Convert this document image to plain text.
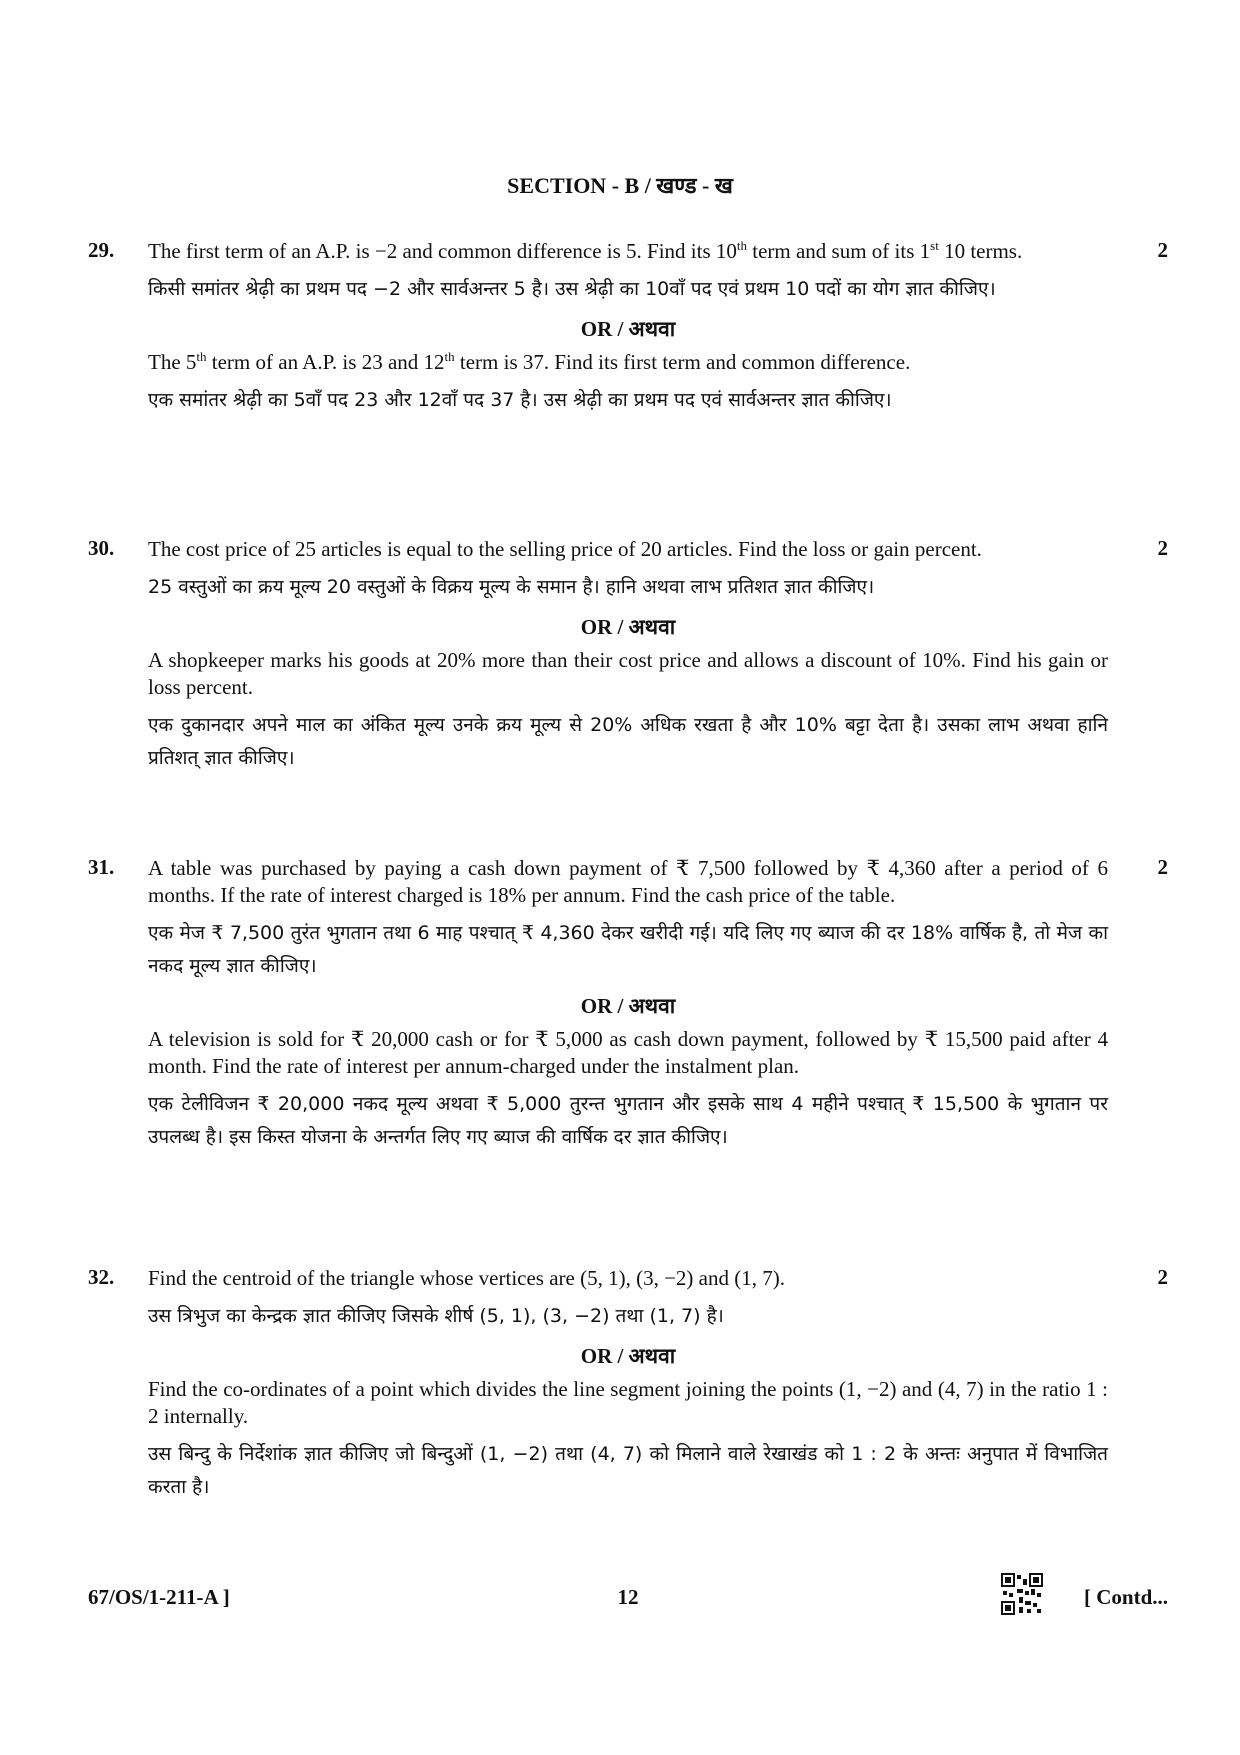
SECTION - B / खण्ड - ख
29.	2

The first term of an A.P. is −2 and common difference is 5. Find its 10th term and sum of its 1st 10 terms.

किसी समांतर श्रेढ़ी का प्रथम पद −2 और सार्वअन्तर 5 है। उस श्रेढ़ी का 10वाँ पद एवं प्रथम 10 पदों का योग ज्ञात कीजिए।

OR / अथवा

The 5th term of an A.P. is 23 and 12th term is 37. Find its first term and common difference.

एक समांतर श्रेढ़ी का 5वाँ पद 23 और 12वाँ पद 37 है। उस श्रेढ़ी का प्रथम पद एवं सार्वअन्तर ज्ञात कीजिए।

30.	2

The cost price of 25 articles is equal to the selling price of 20 articles. Find the loss or gain percent.

25 वस्तुओं का क्रय मूल्य 20 वस्तुओं के विक्रय मूल्य के समान है। हानि अथवा लाभ प्रतिशत ज्ञात कीजिए।

OR / अथवा

A shopkeeper marks his goods at 20% more than their cost price and allows a discount of 10%. Find his gain or loss percent.

एक दुकानदार अपने माल का अंकित मूल्य उनके क्रय मूल्य से 20% अधिक रखता है और 10% बट्टा देता है। उसका लाभ अथवा हानि प्रतिशत् ज्ञात कीजिए।

31.	2

A table was purchased by paying a cash down payment of ₹ 7,500 followed by ₹ 4,360 after a period of 6 months. If the rate of interest charged is 18% per annum. Find the cash price of the table.

एक मेज ₹ 7,500 तुरंत भुगतान तथा 6 माह पश्चात् ₹ 4,360 देकर खरीदी गई। यदि लिए गए ब्याज की दर 18% वार्षिक है, तो मेज का नकद मूल्य ज्ञात कीजिए।

OR / अथवा

A television is sold for ₹ 20,000 cash or for ₹ 5,000 as cash down payment, followed by ₹ 15,500 paid after 4 month. Find the rate of interest per annum-charged under the instalment plan.

एक टेलीविजन ₹ 20,000 नकद मूल्य अथवा ₹ 5,000 तुरन्त भुगतान और इसके साथ 4 महीने पश्चात् ₹ 15,500 के भुगतान पर उपलब्ध है। इस किस्त योजना के अन्तर्गत लिए गए ब्याज की वार्षिक दर ज्ञात कीजिए।

32.	2

Find the centroid of the triangle whose vertices are (5, 1), (3, −2) and (1, 7).

उस त्रिभुज का केन्द्रक ज्ञात कीजिए जिसके शीर्ष (5, 1), (3, −2) तथा (1, 7) है।

OR / अथवा

Find the co-ordinates of a point which divides the line segment joining the points (1, −2) and (4, 7) in the ratio 1 : 2 internally.

उस बिन्दु के निर्देशांक ज्ञात कीजिए जो बिन्दुओं (1, −2) तथा (4, 7) को मिलाने वाले रेखाखंड को 1 : 2 के अन्तः अनुपात में विभाजित करता है।

67/OS/1-211-A ]	12	[ Contd...
